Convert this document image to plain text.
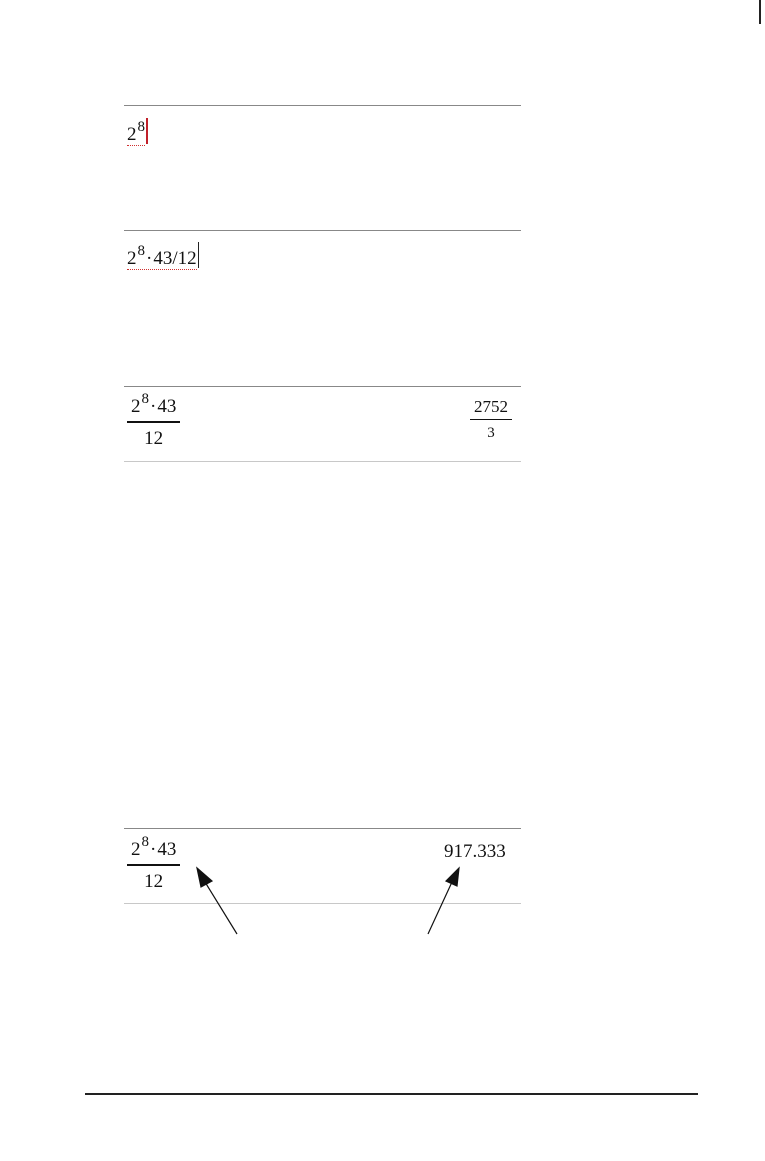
$2^8$
$2^8\cdot 43/12$
$2^8\cdot 43$
12
2752
3
$2^8\cdot 43$
12
917.333
